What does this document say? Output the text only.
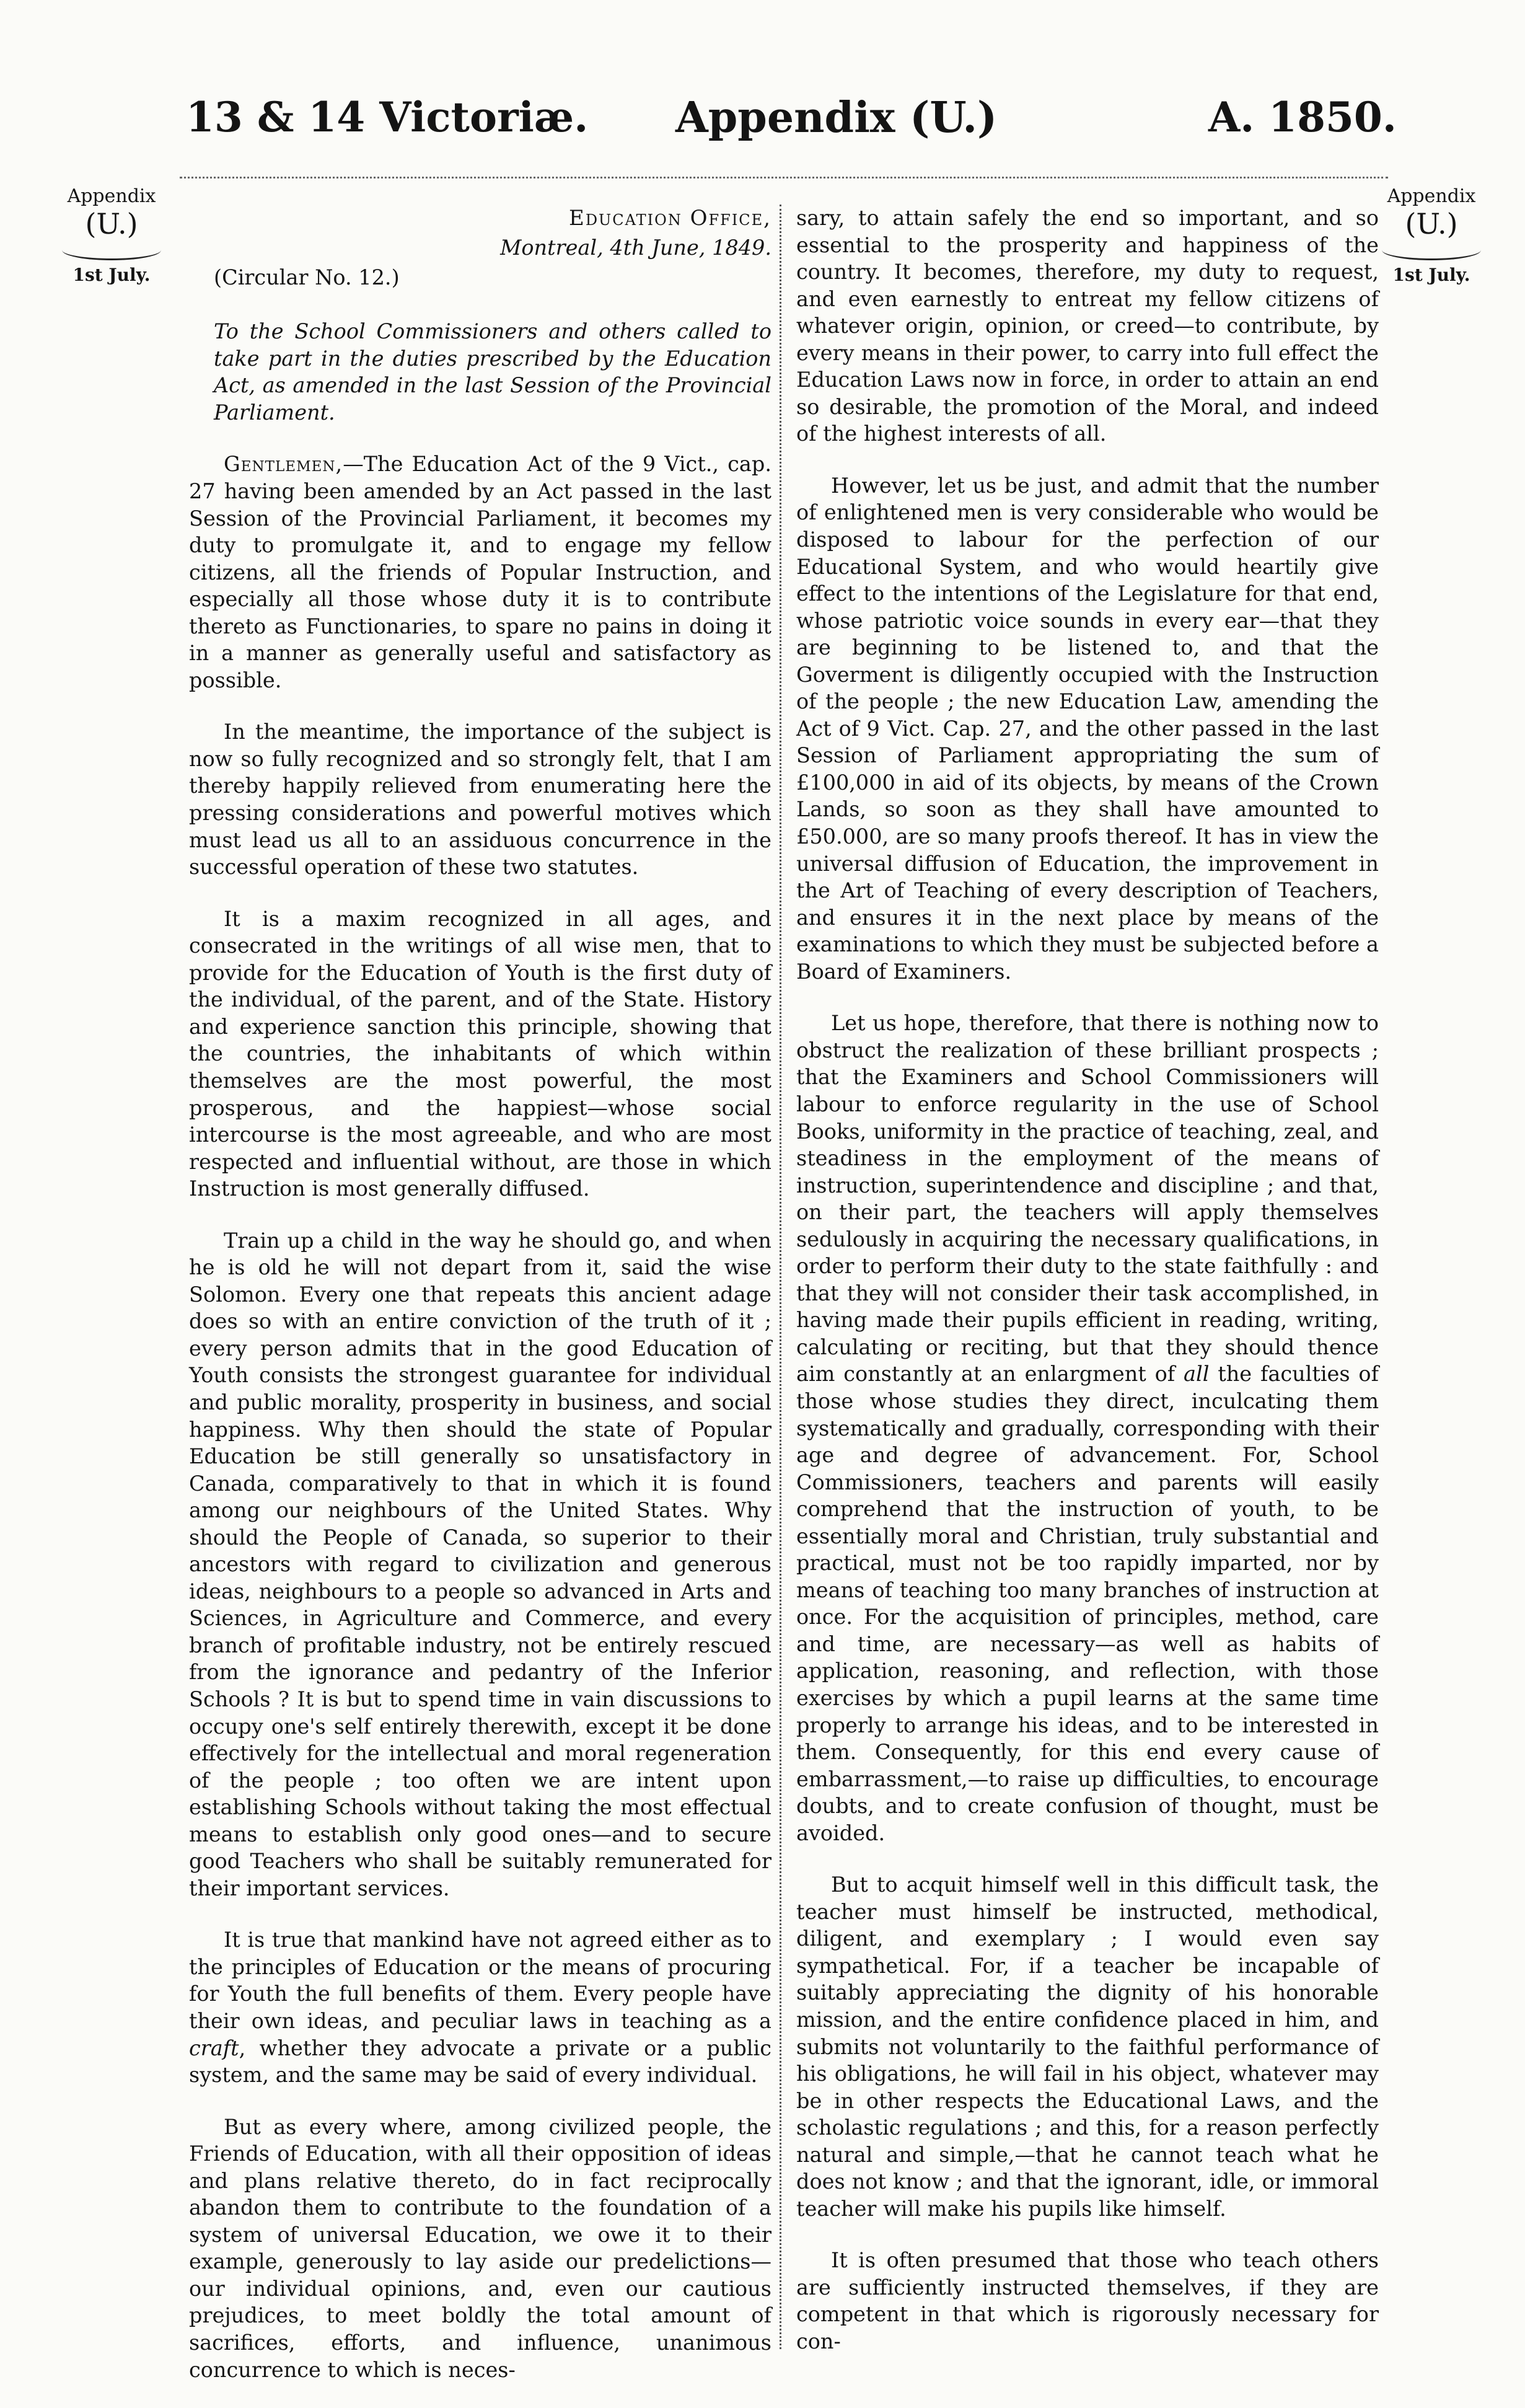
13 & 14 Victoriæ. Appendix (U.)	A. 1850.
Appendix
(U.)
1st July.
Appendix
(U.)
1st July.
Education Office,
Montreal, 4th June, 1849.
(Circular No. 12.)
To the School Commissioners and others called to take part in the duties prescribed by the Education Act, as amended in the last Session of the Provincial Parliament.

Gentlemen,—The Education Act of the 9 Vict., cap. 27 having been amended by an Act passed in the last Session of the Provincial Parliament, it becomes my duty to promulgate it, and to engage my fellow citizens, all the friends of Popular Instruction, and especially all those whose duty it is to contribute thereto as Functionaries, to spare no pains in doing it in a manner as generally useful and satisfactory as possible.

In the meantime, the importance of the subject is now so fully recognized and so strongly felt, that I am thereby happily relieved from enumerating here the pressing considerations and powerful motives which must lead us all to an assiduous concurrence in the successful operation of these two statutes.

It is a maxim recognized in all ages, and consecrated in the writings of all wise men, that to provide for the Education of Youth is the first duty of the individual, of the parent, and of the State. History and experience sanction this principle, showing that the countries, the inhabitants of which within themselves are the most powerful, the most prosperous, and the happiest—whose social intercourse is the most agreeable, and who are most respected and influential without, are those in which Instruction is most generally diffused.

Train up a child in the way he should go, and when he is old he will not depart from it, said the wise Solomon. Every one that repeats this ancient adage does so with an entire conviction of the truth of it ; every person admits that in the good Education of Youth consists the strongest guarantee for individual and public morality, prosperity in business, and social happiness. Why then should the state of Popular Education be still generally so unsatisfactory in Canada, comparatively to that in which it is found among our neighbours of the United States. Why should the People of Canada, so superior to their ancestors with regard to civilization and generous ideas, neighbours to a people so advanced in Arts and Sciences, in Agriculture and Commerce, and every branch of profitable industry, not be entirely rescued from the ignorance and pedantry of the Inferior Schools ? It is but to spend time in vain discussions to occupy one's self entirely therewith, except it be done effectively for the intellectual and moral regeneration of the people ; too often we are intent upon establishing Schools without taking the most effectual means to establish only good ones—and to secure good Teachers who shall be suitably remunerated for their important services.

It is true that mankind have not agreed either as to the principles of Education or the means of procuring for Youth the full benefits of them. Every people have their own ideas, and peculiar laws in teaching as a craft, whether they advocate a private or a public system, and the same may be said of every individual.

But as every where, among civilized people, the Friends of Education, with all their opposition of ideas and plans relative thereto, do in fact reciprocally abandon them to contribute to the foundation of a system of universal Education, we owe it to their example, generously to lay aside our predelictions—our individual opinions, and, even our cautious prejudices, to meet boldly the total amount of sacrifices, efforts, and influence, unanimous concurrence to which is neces-

sary, to attain safely the end so important, and so essential to the prosperity and happiness of the country. It becomes, therefore, my duty to request, and even earnestly to entreat my fellow citizens of whatever origin, opinion, or creed—to contribute, by every means in their power, to carry into full effect the Education Laws now in force, in order to attain an end so desirable, the promotion of the Moral, and indeed of the highest interests of all.

However, let us be just, and admit that the number of enlightened men is very considerable who would be disposed to labour for the perfection of our Educational System, and who would heartily give effect to the intentions of the Legislature for that end, whose patriotic voice sounds in every ear—that they are beginning to be listened to, and that the Goverment is diligently occupied with the Instruction of the people ; the new Education Law, amending the Act of 9 Vict. Cap. 27, and the other passed in the last Session of Parliament appropriating the sum of £100,000 in aid of its objects, by means of the Crown Lands, so soon as they shall have amounted to £50.000, are so many proofs thereof. It has in view the universal diffusion of Education, the improvement in the Art of Teaching of every description of Teachers, and ensures it in the next place by means of the examinations to which they must be subjected before a Board of Examiners.

Let us hope, therefore, that there is nothing now to obstruct the realization of these brilliant prospects ; that the Examiners and School Commissioners will labour to enforce regularity in the use of School Books, uniformity in the practice of teaching, zeal, and steadiness in the employment of the means of instruction, superintendence and discipline ; and that, on their part, the teachers will apply themselves sedulously in acquiring the necessary qualifications, in order to perform their duty to the state faithfully : and that they will not consider their task accomplished, in having made their pupils efficient in reading, writing, calculating or reciting, but that they should thence aim constantly at an enlargment of all the faculties of those whose studies they direct, inculcating them systematically and gradually, corresponding with their age and degree of advancement. For, School Commissioners, teachers and parents will easily comprehend that the instruction of youth, to be essentially moral and Christian, truly substantial and practical, must not be too rapidly imparted, nor by means of teaching too many branches of instruction at once. For the acquisition of principles, method, care and time, are necessary—as well as habits of application, reasoning, and reflection, with those exercises by which a pupil learns at the same time properly to arrange his ideas, and to be interested in them. Consequently, for this end every cause of embarrassment,—to raise up difficulties, to encourage doubts, and to create confusion of thought, must be avoided.

But to acquit himself well in this difficult task, the teacher must himself be instructed, methodical, diligent, and exemplary ; I would even say sympathetical. For, if a teacher be incapable of suitably appreciating the dignity of his honorable mission, and the entire confidence placed in him, and submits not voluntarily to the faithful performance of his obligations, he will fail in his object, whatever may be in other respects the Educational Laws, and the scholastic regulations ; and this, for a reason perfectly natural and simple,—that he cannot teach what he does not know ; and that the ignorant, idle, or immoral teacher will make his pupils like himself.

It is often presumed that those who teach others are sufficiently instructed themselves, if they are competent in that which is rigorously necessary for con-
